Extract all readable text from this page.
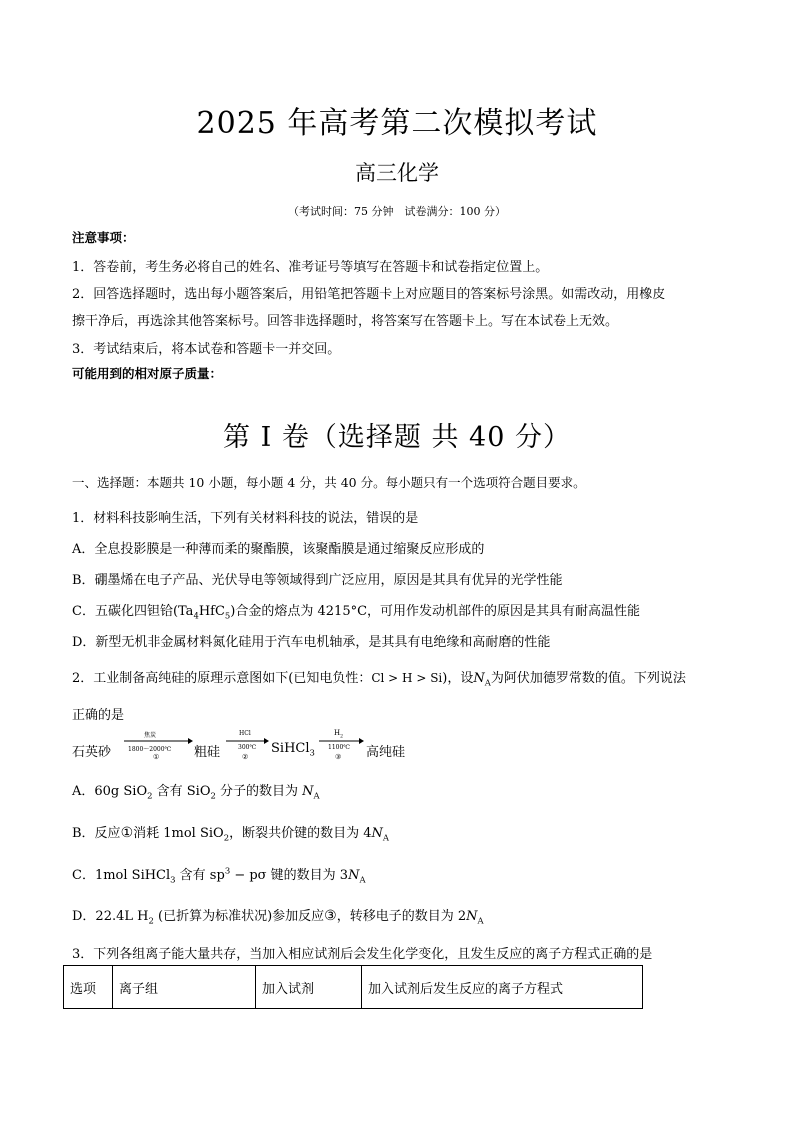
2025 年高考第二次模拟考试
高三化学
（考试时间：75 分钟　试卷满分：100 分）
注意事项：
1．答卷前，考生务必将自己的姓名、准考证号等填写在答题卡和试卷指定位置上。
2．回答选择题时，选出每小题答案后，用铅笔把答题卡上对应题目的答案标号涂黑。如需改动，用橡皮
擦干净后，再选涂其他答案标号。回答非选择题时，将答案写在答题卡上。写在本试卷上无效。
3．考试结束后，将本试卷和答题卡一并交回。
可能用到的相对原子质量：
第 I 卷（选择题 共 40 分）
一、选择题：本题共 10 小题，每小题 4 分，共 40 分。每小题只有一个选项符合题目要求。
1．材料科技影响生活，下列有关材料科技的说法，错误的是
A．全息投影膜是一种薄而柔的聚酯膜，该聚酯膜是通过缩聚反应形成的
B．硼墨烯在电子产品、光伏导电等领域得到广泛应用，原因是其具有优异的光学性能
C．五碳化四钽铪$(Ta_4HfC_5)$合金的熔点为 4215°C，可用作发动机部件的原因是其具有耐高温性能
D．新型无机非金属材料氮化硅用于汽车电机轴承，是其具有电绝缘和高耐磨的性能
2．工业制备高纯硅的原理示意图如下(已知电负性：Cl > H > Si)，设$N_A$为阿伏加德罗常数的值。下列说法
正确的是
石英砂
焦炭
1800～2000℃
①	粗硅
HCl
300℃
②
SiHCl$_3$
$H_2$
1100℃
③ 高纯硅
A．60g SiO$_2$ 含有 SiO$_2$ 分子的数目为 $N_A$
B．反应①消耗 1mol SiO$_2$，断裂共价键的数目为 $4N_A$
C．1mol SiHCl$_3$ 含有 $sp^3 - p\sigma$ 键的数目为 $3N_A$
D．22.4L $H_2$ (已折算为标准状况)参加反应③，转移电子的数目为 $2N_A$
3．下列各组离子能大量共存，当加入相应试剂后会发生化学变化，且发生反应的离子方程式正确的是
选项	离子组	加入试剂	加入试剂后发生反应的离子方程式
